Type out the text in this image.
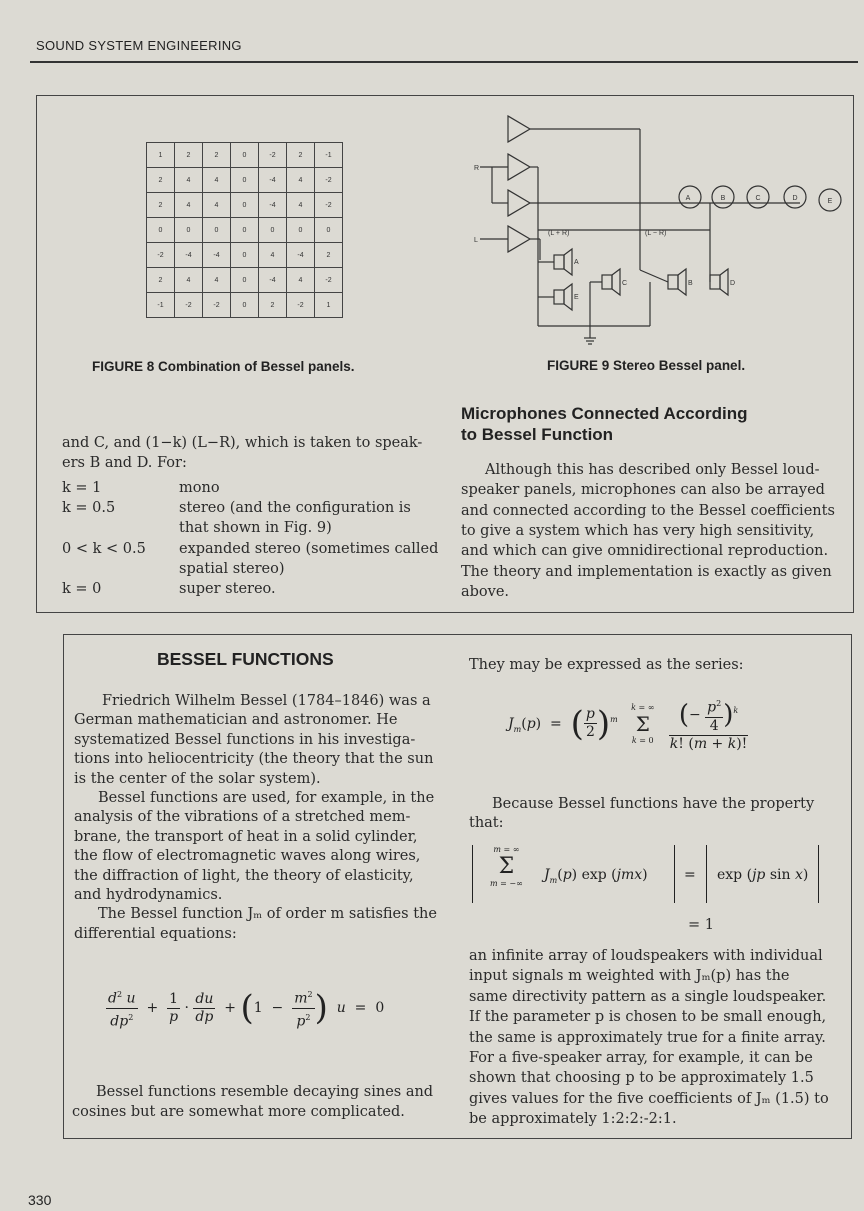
SOUND SYSTEM ENGINEERING
1	2	2	0	-2	2	-1
2	4	4	0	-4	4	-2
2	4	4	0	-4	4	-2
0	0	0	0	0	0	0
-2	-4	-4	0	4	-4	2
2	4	4	0	-4	4	-2
-1	-2	-2	0	2	-2	1
FIGURE 8 Combination of Bessel panels.
R
L
(L + R)	(L − R)
A
E
C	B	D
A	B	C	D	E
FIGURE 9 Stereo Bessel panel.
and C, and (1−k) (L−R), which is taken to speak-
ers B and D. For:
k = 1	mono
k = 0.5	stereo (and the configuration is
that shown in Fig. 9)
0 < k < 0.5 expanded stereo (sometimes called
spatial stereo)
k = 0	super stereo.
Microphones Connected According
to Bessel Function
Although this has described only Bessel loud-
speaker panels, microphones can also be arrayed
and connected according to the Bessel coefficients
to give a system which has very high sensitivity,
and which can give omnidirectional reproduction.
The theory and implementation is exactly as given
above.
BESSEL FUNCTIONS
Friedrich Wilhelm Bessel (1784–1846) was a
German mathematician and astronomer. He
systematized Bessel functions in his investiga-
tions into heliocentricity (the theory that the sun
is the center of the solar system).
Bessel functions are used, for example, in the
analysis of the vibrations of a stretched mem-
brane, the transport of heat in a solid cylinder,
the flow of electromagnetic waves along wires,
the diffraction of light, the theory of elasticity,
and hydrodynamics.
The Bessel function Jₘ of order m satisfies the
differential equations:
$\frac{d^2 u}{dp^2} + \frac{1}{p} \cdot \frac{du}{dp} + (1 - \frac{m^2}{p^2}$ ) u  =  0
Bessel functions resemble decaying sines and
cosines but are somewhat more complicated.
They may be expressed as the series:
$J_m(p)$  =  ( $\frac{p}{2} )^m$
k = ∞
Σ
k = 0
$\frac{(- \frac{p^2}{4} )^k}{k! (m + k)!}$
Because Bessel functions have the property
that:
m = ∞
Σ
m = −∞
$J_m(p)$ exp (jmx)	= exp (jp sin x)
= 1
an infinite array of loudspeakers with individual
input signals m weighted with Jₘ(p) has the
same directivity pattern as a single loudspeaker.
If the parameter p is chosen to be small enough,
the same is approximately true for a finite array.
For a five-speaker array, for example, it can be
shown that choosing p to be approximately 1.5
gives values for the five coefficients of Jₘ (1.5) to
be approximately 1:2:2:-2:1.
330
